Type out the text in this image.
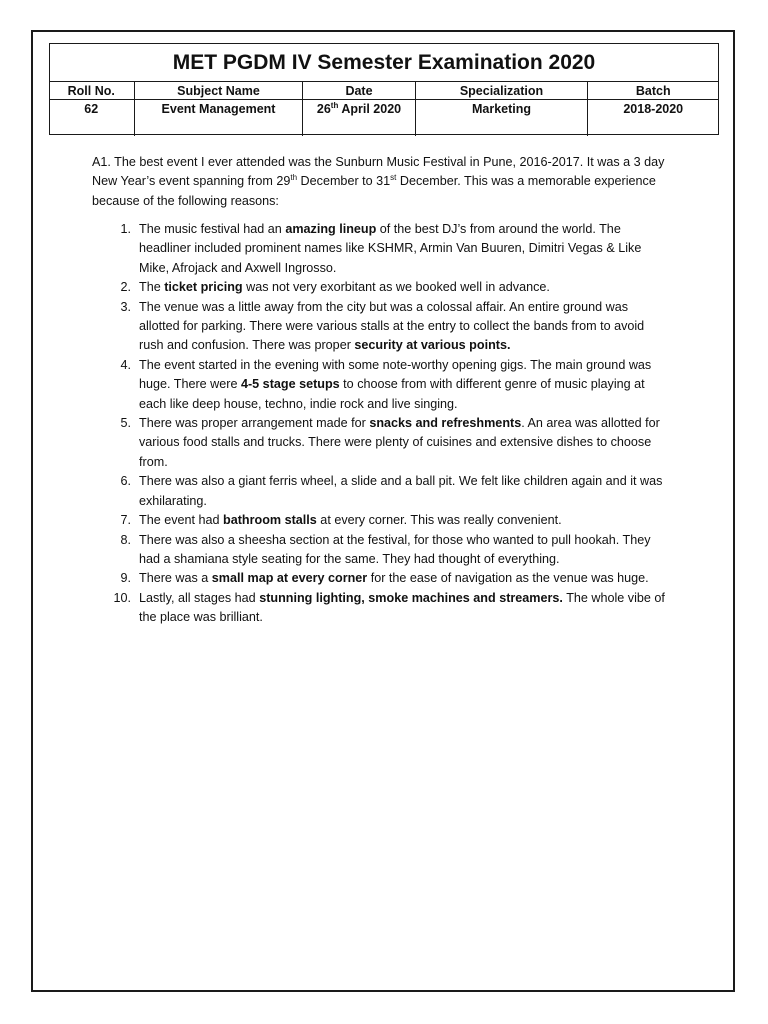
MET PGDM IV Semester Examination 2020
Roll No.	Subject Name	Date	Specialization	Batch
62	Event Management	26th April 2020	Marketing	2018-2020
A1. The best event I ever attended was the Sunburn Music Festival in Pune, 2016-2017. It was a 3 day New Year’s event spanning from 29th December to 31st December. This was a memorable experience because of the following reasons:
1. The music festival had an amazing lineup of the best DJ’s from around the world. The headliner included prominent names like KSHMR, Armin Van Buuren, Dimitri Vegas & Like Mike, Afrojack and Axwell Ingrosso.
2. The ticket pricing was not very exorbitant as we booked well in advance.
3. The venue was a little away from the city but was a colossal affair. An entire ground was allotted for parking. There were various stalls at the entry to collect the bands from to avoid rush and confusion. There was proper security at various points.
4. The event started in the evening with some note-worthy opening gigs. The main ground was huge. There were 4-5 stage setups to choose from with different genre of music playing at each like deep house, techno, indie rock and live singing.
5. There was proper arrangement made for snacks and refreshments. An area was allotted for various food stalls and trucks. There were plenty of cuisines and extensive dishes to choose from.
6. There was also a giant ferris wheel, a slide and a ball pit. We felt like children again and it was exhilarating.
7. The event had bathroom stalls at every corner. This was really convenient.
8. There was also a sheesha section at the festival, for those who wanted to pull hookah. They had a shamiana style seating for the same. They had thought of everything.
9. There was a small map at every corner for the ease of navigation as the venue was huge.
10. Lastly, all stages had stunning lighting, smoke machines and streamers. The whole vibe of the place was brilliant.
